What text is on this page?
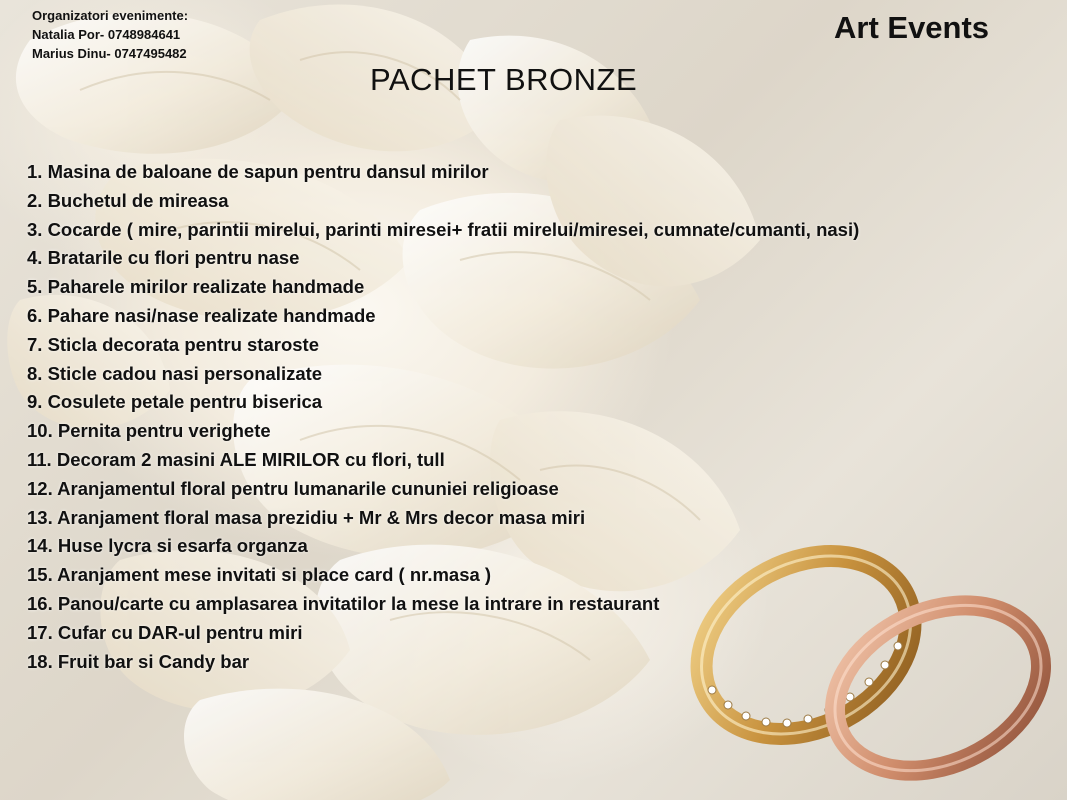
Organizatori evenimente:
Natalia Por- 0748984641
Marius Dinu- 0747495482
Art Events
PACHET BRONZE
1. Masina de baloane de sapun pentru dansul mirilor
2. Buchetul de mireasa
3. Cocarde ( mire, parintii mirelui, parinti miresei+ fratii mirelui/miresei, cumnate/cumanti, nasi)
4. Bratarile cu flori pentru nase
5. Paharele mirilor realizate handmade
6. Pahare nasi/nase realizate handmade
7. Sticla decorata pentru staroste
8. Sticle cadou nasi personalizate
9. Cosulete petale pentru biserica
10. Pernita pentru verighete
11. Decoram 2 masini ALE MIRILOR cu flori, tull
12. Aranjamentul floral pentru lumanarile cununiei religioase
13. Aranjament floral masa prezidiu + Mr & Mrs decor masa miri
14. Huse lycra si esarfa organza
15. Aranjament mese invitati si place card ( nr.masa )
16. Panou/carte cu amplasarea invitatilor la mese la intrare in restaurant
17. Cufar cu DAR-ul pentru miri
18. Fruit bar si Candy bar
